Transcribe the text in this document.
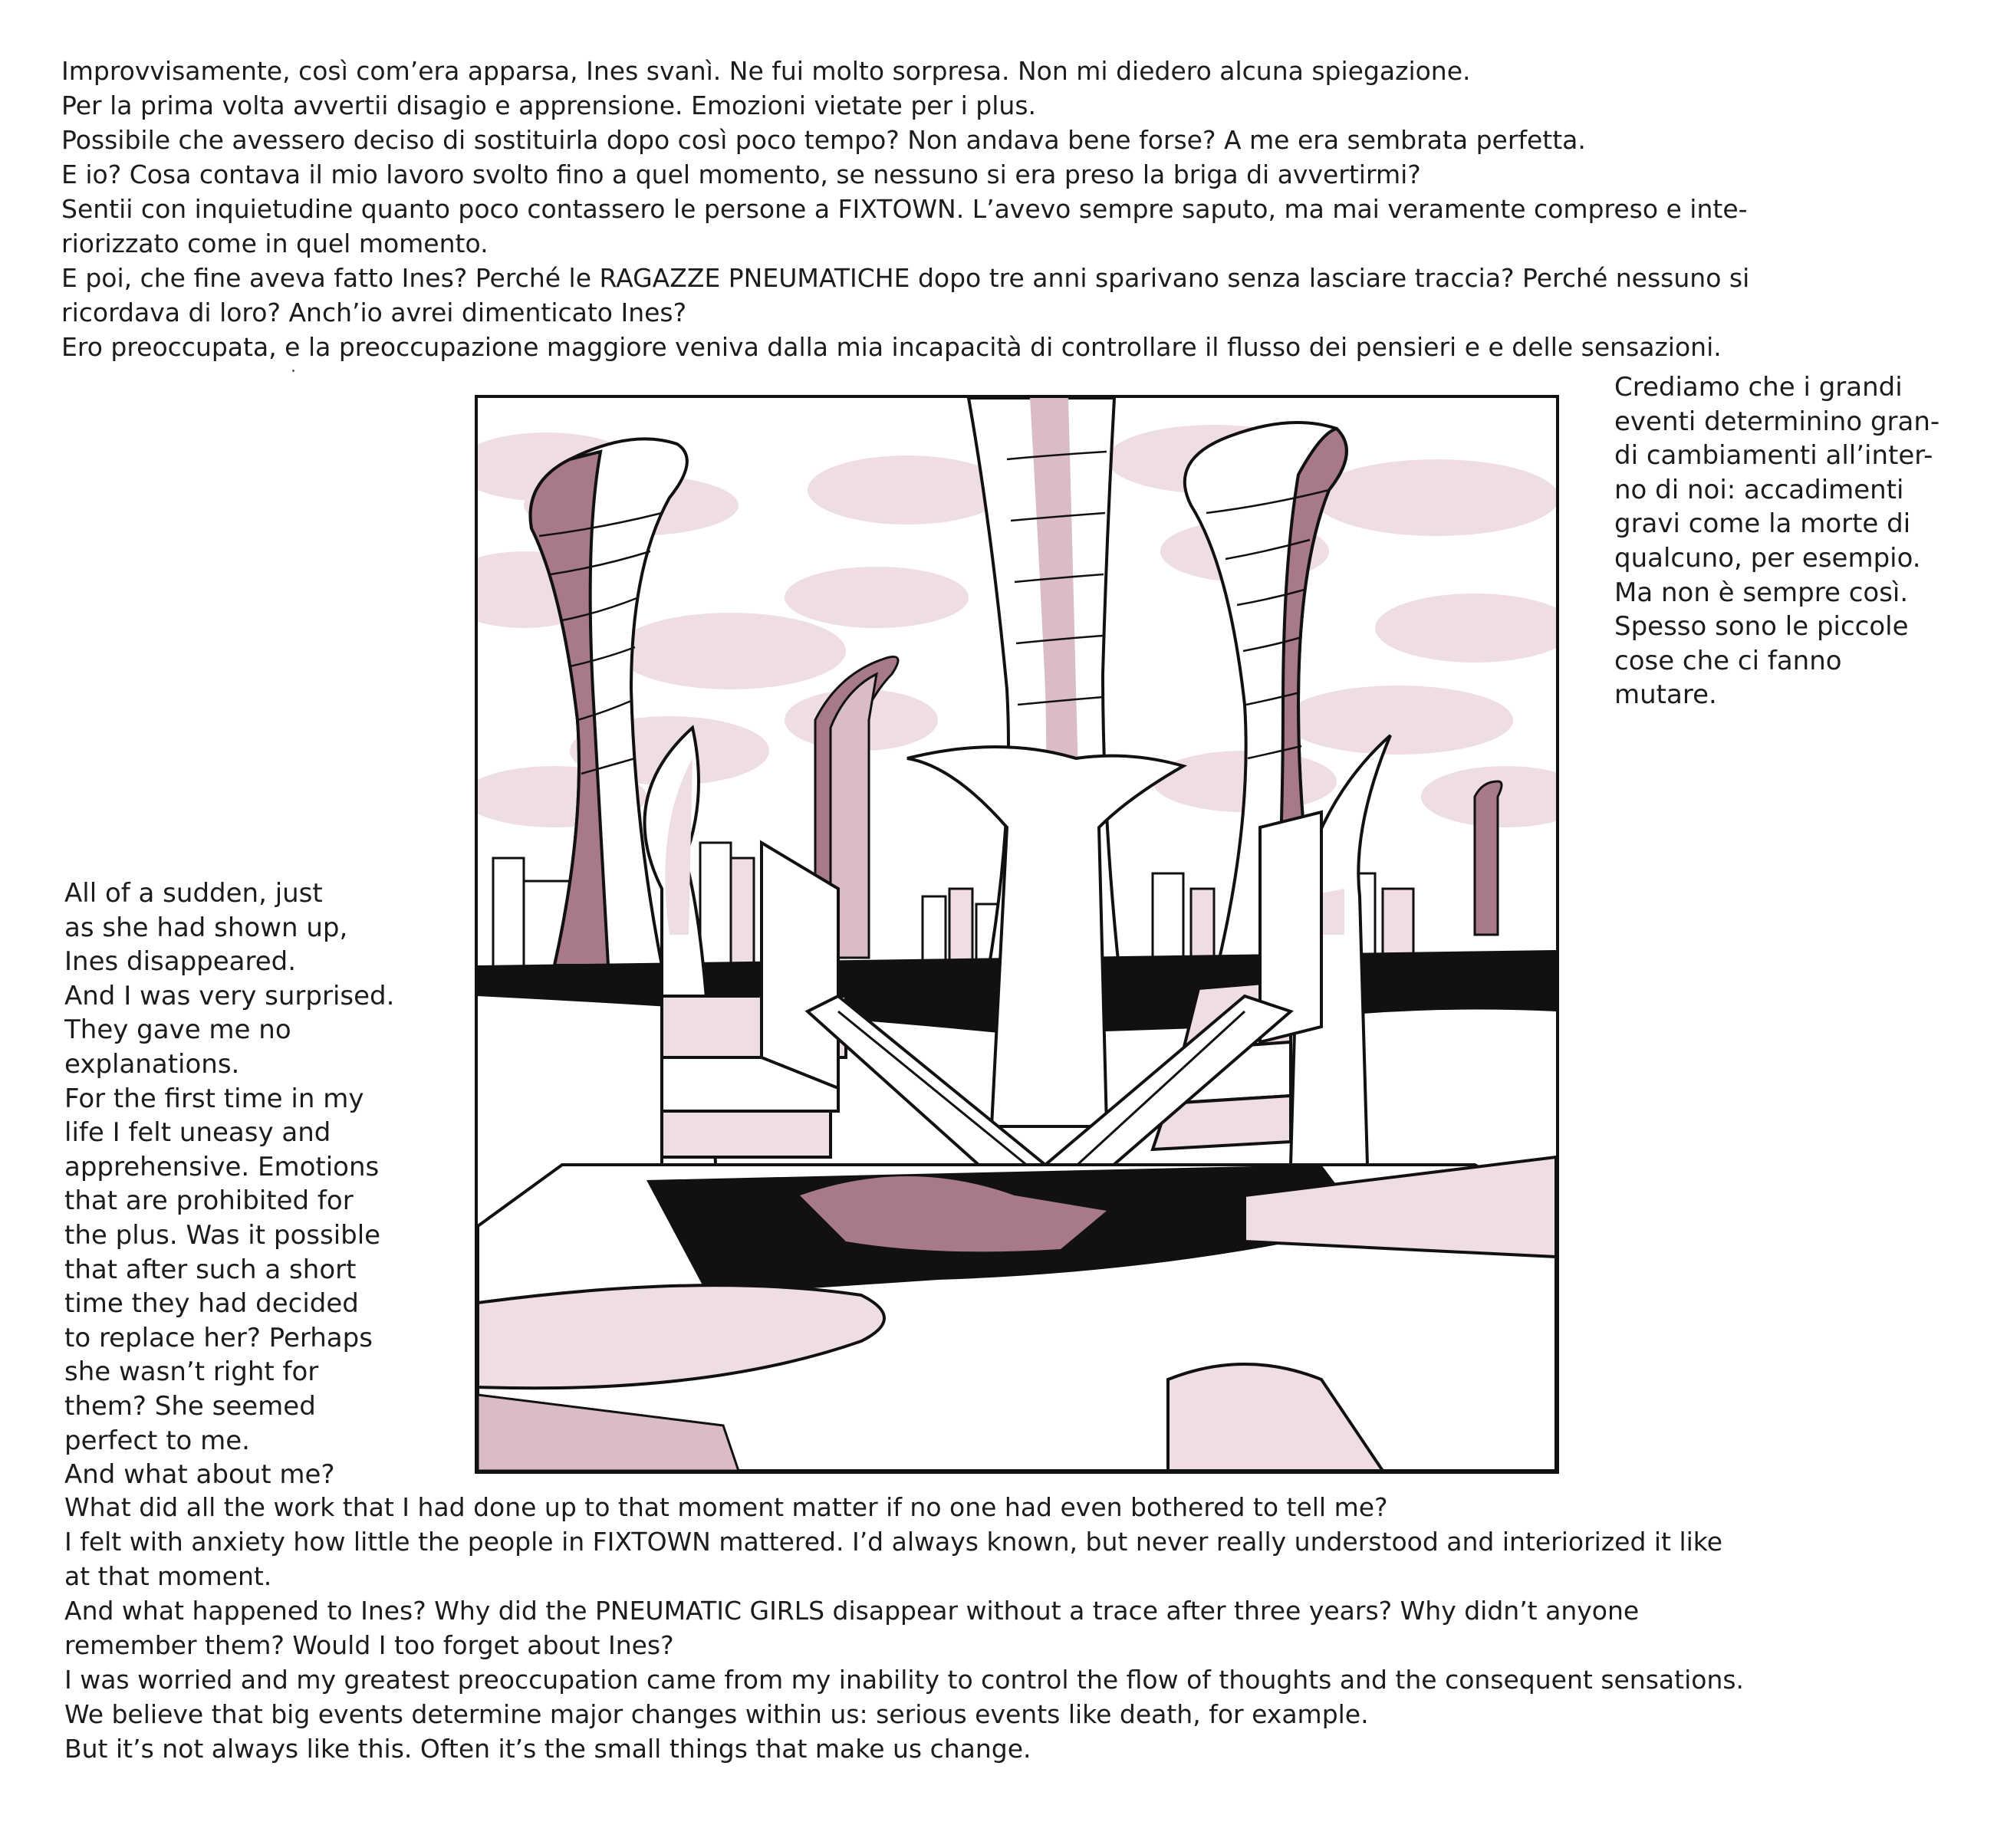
Improvvisamente, così com’era apparsa, Ines svanì. Ne fui molto sorpresa. Non mi diedero alcuna spiegazione.

Per la prima volta avvertii disagio e apprensione. Emozioni vietate per i plus.

Possibile che avessero deciso di sostituirla dopo così poco tempo? Non andava bene forse? A me era sembrata perfetta.

E io? Cosa contava il mio lavoro svolto fino a quel momento, se nessuno si era preso la briga di avvertirmi?

Sentii con inquietudine quanto poco contassero le persone a FIXTOWN. L’avevo sempre saputo, ma mai veramente compreso e inte-

riorizzato come in quel momento.

E poi, che fine aveva fatto Ines? Perché le RAGAZZE PNEUMATICHE dopo tre anni sparivano senza lasciare traccia? Perché nessuno si

ricordava di loro? Anch’io avrei dimenticato Ines?

Ero preoccupata, e la preoccupazione maggiore veniva dalla mia incapacità di controllare il flusso dei pensieri e e delle sensazioni.

Crediamo che i grandi

eventi determinino gran-

di cambiamenti all’inter-

no di noi: accadimenti

gravi come la morte di

qualcuno, per esempio.

Ma non è sempre così.

Spesso sono le piccole

cose che ci fanno

mutare.

All of a sudden, just

as she had shown up,

Ines disappeared.

And I was very surprised.

They gave me no

explanations.

For the first time in my

life I felt uneasy and

apprehensive. Emotions

that are prohibited for

the plus. Was it possible

that after such a short

time they had decided

to replace her? Perhaps

she wasn’t right for

them? She seemed

perfect to me.

And what about me?

What did all the work that I had done up to that moment matter if no one had even bothered to tell me?

I felt with anxiety how little the people in FIXTOWN mattered. I’d always known, but never really understood and interiorized it like

at that moment.

And what happened to Ines? Why did the PNEUMATIC GIRLS disappear without a trace after three years? Why didn’t anyone

remember them? Would I too forget about Ines?

I was worried and my greatest preoccupation came from my inability to control the flow of thoughts and the consequent sensations.

We believe that big events determine major changes within us: serious events like death, for example.

But it’s not always like this. Often it’s the small things that make us change.
